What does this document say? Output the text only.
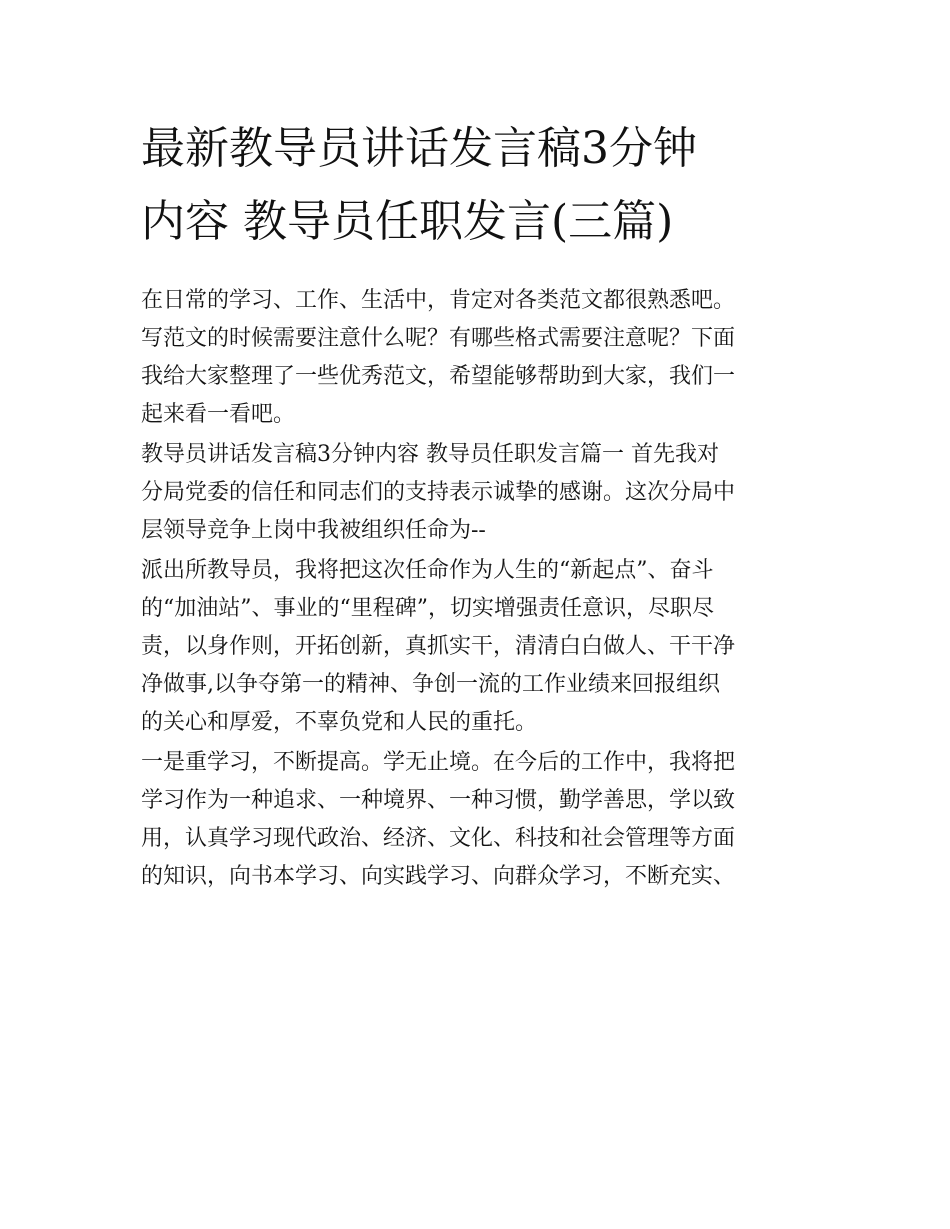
最新教导员讲话发言稿3分钟
内容 教导员任职发言(三篇)

在日常的学习、工作、生活中，肯定对各类范文都很熟悉吧。
写范文的时候需要注意什么呢？有哪些格式需要注意呢？下面
我给大家整理了一些优秀范文，希望能够帮助到大家，我们一
起来看一看吧。

教导员讲话发言稿3分钟内容 教导员任职发言篇一 首先我对
分局党委的信任和同志们的支持表示诚挚的感谢。这次分局中
层领导竞争上岗中我被组织任命为--

派出所教导员，我将把这次任命作为人生的“新起点”、奋斗
的“加油站”、事业的“里程碑”，切实增强责任意识，尽职尽
责，以身作则，开拓创新，真抓实干，清清白白做人、干干净
净做事,以争夺第一的精神、争创一流的工作业绩来回报组织
的关心和厚爱，不辜负党和人民的重托。

一是重学习，不断提高。学无止境。在今后的工作中，我将把
学习作为一种追求、一种境界、一种习惯，勤学善思，学以致
用，认真学习现代政治、经济、文化、科技和社会管理等方面
的知识，向书本学习、向实践学习、向群众学习，不断充实、
